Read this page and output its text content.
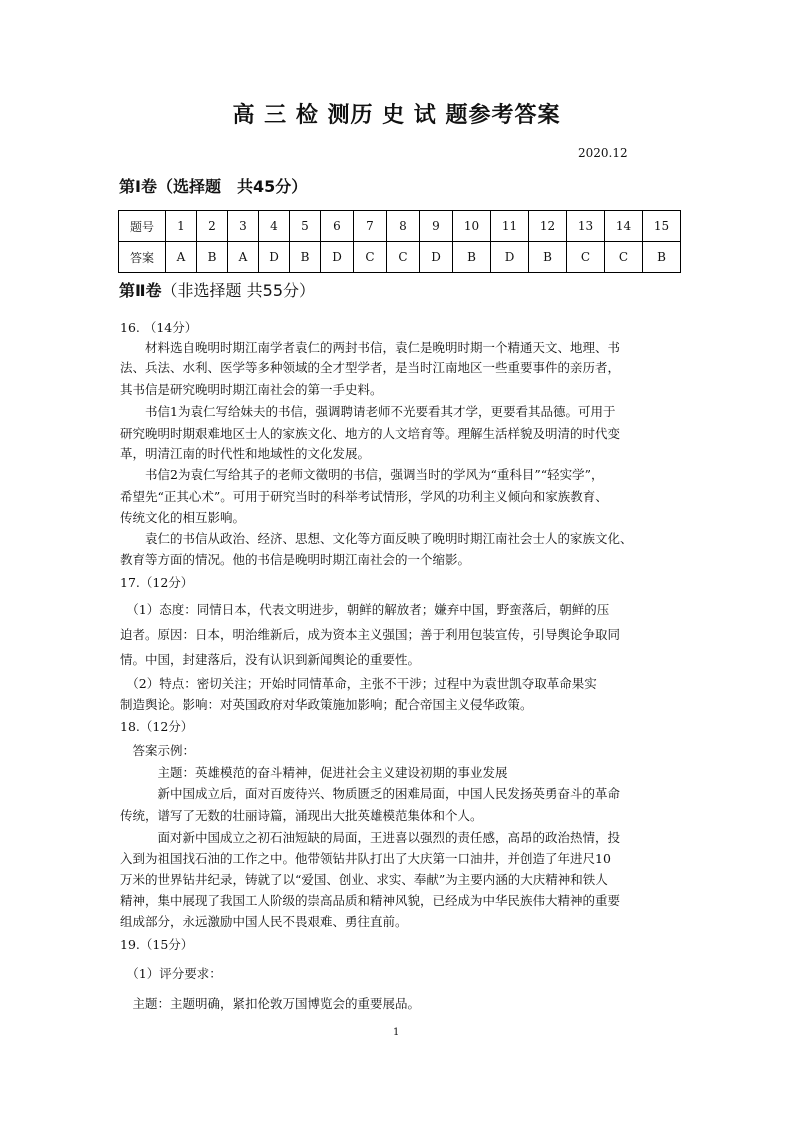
高 三 检 测历 史 试 题参考答案
2020.12
第Ⅰ卷（选择题　共45分）
题号	1	2	3	4	5	6	7	8	9	10	11	12	13	14	15
答案	A	B	A	D	B	D	C	C	D	B	D	B	C	C	B
第Ⅱ卷（非选择题 共55分）
16. （14分）
　　材料选自晚明时期江南学者袁仁的两封书信，袁仁是晚明时期一个精通天文、地理、书
法、兵法、水利、医学等多种领域的全才型学者，是当时江南地区一些重要事件的亲历者，
其书信是研究晚明时期江南社会的第一手史料。
　　书信1为袁仁写给妹夫的书信，强调聘请老师不光要看其才学，更要看其品德。可用于
研究晚明时期艰难地区士人的家族文化、地方的人文培育等。理解生活样貌及明清的时代变
革，明清江南的时代性和地域性的文化发展。
　　书信2为袁仁写给其子的老师文徵明的书信，强调当时的学风为“重科目”“轻实学”，
希望先“正其心术”。可用于研究当时的科举考试情形，学风的功利主义倾向和家族教育、
传统文化的相互影响。
　　袁仁的书信从政治、经济、思想、文化等方面反映了晚明时期江南社会士人的家族文化、
教育等方面的情况。他的书信是晚明时期江南社会的一个缩影。
17.（12分）
　（1）态度：同情日本，代表文明进步，朝鲜的解放者；嫌弃中国，野蛮落后，朝鲜的压
迫者。原因：日本，明治维新后，成为资本主义强国；善于利用包装宣传，引导舆论争取同
情。中国，封建落后，没有认识到新闻舆论的重要性。
　（2）特点：密切关注；开始时同情革命，主张不干涉；过程中为袁世凯夺取革命果实
制造舆论。影响：对英国政府对华政策施加影响；配合帝国主义侵华政策。
18.（12分）
　答案示例：
　　　主题：英雄模范的奋斗精神，促进社会主义建设初期的事业发展
　　　新中国成立后，面对百废待兴、物质匮乏的困难局面，中国人民发扬英勇奋斗的革命
传统，谱写了无数的壮丽诗篇，涌现出大批英雄模范集体和个人。
　　　面对新中国成立之初石油短缺的局面，王进喜以强烈的责任感，高昂的政治热情，投
入到为祖国找石油的工作之中。他带领钻井队打出了大庆第一口油井，并创造了年进尺10
万米的世界钻井纪录，铸就了以“爱国、创业、求实、奉献”为主要内涵的大庆精神和铁人
精神，集中展现了我国工人阶级的崇高品质和精神风貌，已经成为中华民族伟大精神的重要
组成部分，永远激励中国人民不畏艰难、勇往直前。
19.（15分）
　（1）评分要求：
　主题：主题明确，紧扣伦敦万国博览会的重要展品。
1
